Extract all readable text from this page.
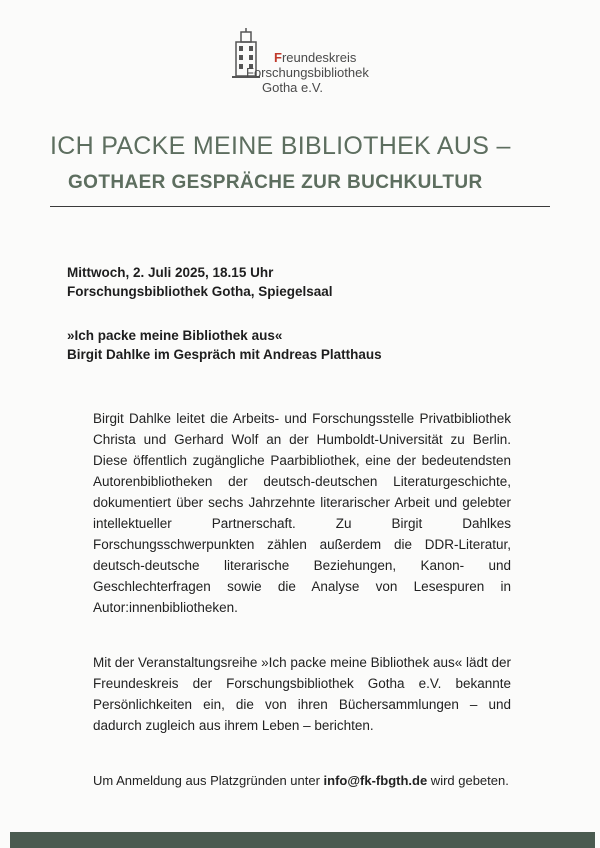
Freundeskreis
Forschungsbibliothek
Gotha e.V.
ICH PACKE MEINE BIBLIOTHEK AUS –
GOTHAER GESPRÄCHE ZUR BUCHKULTUR
Mittwoch, 2. Juli 2025, 18.15 Uhr
Forschungsbibliothek Gotha, Spiegelsaal
»Ich packe meine Bibliothek aus«
Birgit Dahlke im Gespräch mit Andreas Platthaus
Birgit Dahlke leitet die Arbeits- und Forschungsstelle Privatbibliothek Christa und Gerhard Wolf an der Humboldt-Universität zu Berlin. Diese öffentlich zugängliche Paarbibliothek, eine der bedeutendsten Autorenbibliotheken der deutsch-deutschen Literaturgeschichte, dokumentiert über sechs Jahrzehnte literarischer Arbeit und gelebter intellektueller Partnerschaft. Zu Birgit Dahlkes Forschungsschwerpunkten zählen außerdem die DDR-Literatur, deutsch-deutsche literarische Beziehungen, Kanon- und Geschlechterfragen sowie die Analyse von Lesespuren in Autor:innenbibliotheken.
Mit der Veranstaltungsreihe »Ich packe meine Bibliothek aus« lädt der Freundeskreis der Forschungsbibliothek Gotha e.V. bekannte Persönlichkeiten ein, die von ihren Büchersammlungen – und dadurch zugleich aus ihrem Leben – berichten.
Um Anmeldung aus Platzgründen unter info@fk-fbgth.de wird gebeten.
